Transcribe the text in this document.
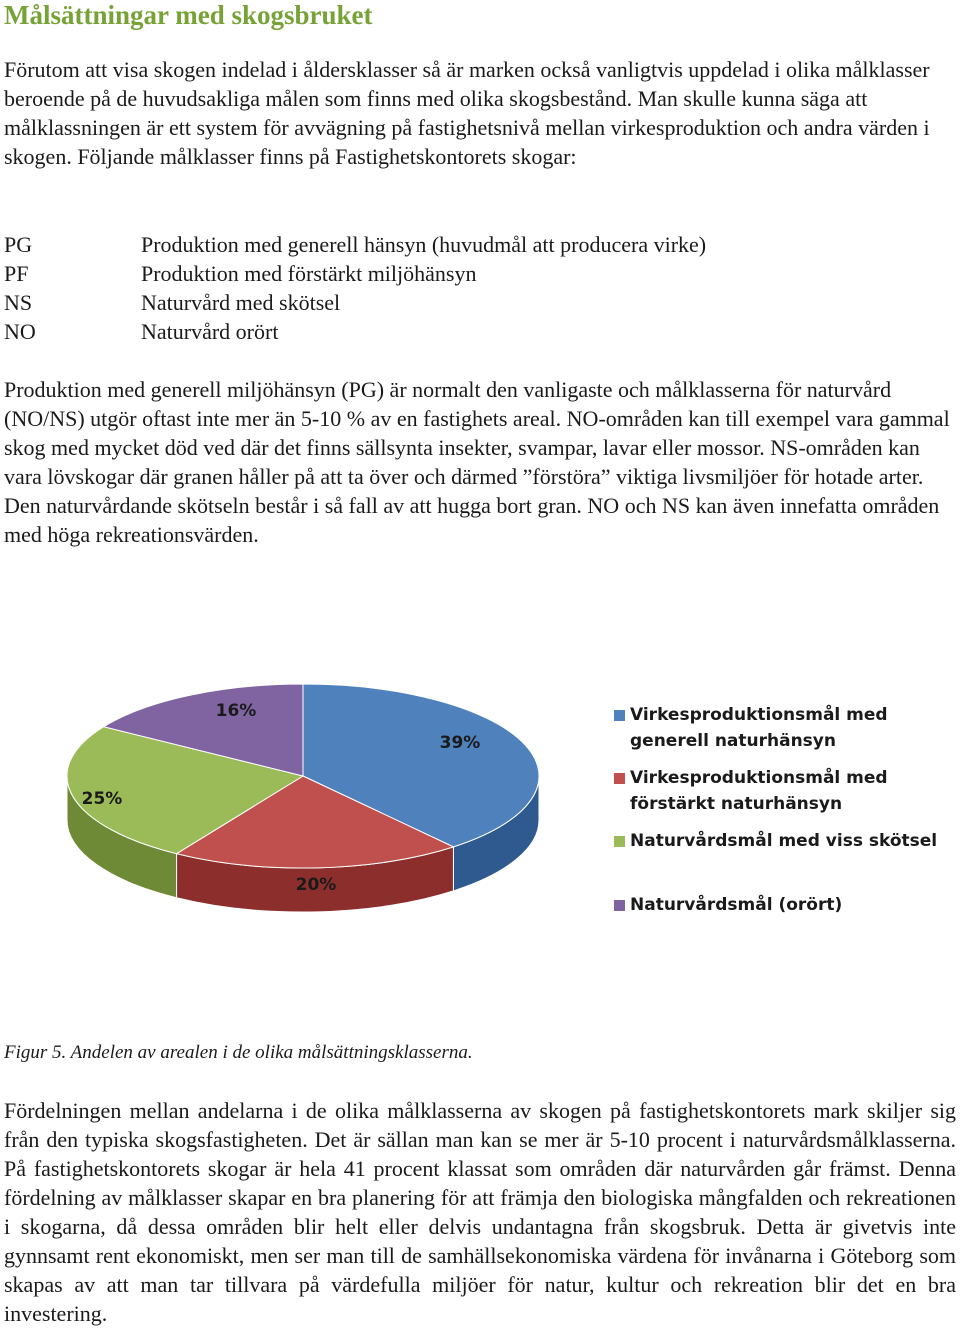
Målsättningar med skogsbruket

Förutom att visa skogen indelad i åldersklasser så är marken också vanligtvis uppdelad i olika målklasser beroende på de huvudsakliga målen som finns med olika skogsbestånd. Man skulle kunna säga att målklassningen är ett system för avvägning på fastighetsnivå mellan virkesproduktion och andra värden i skogen. Följande målklasser finns på Fastighetskontorets skogar:

PG	Produktion med generell hänsyn (huvudmål att producera virke)
PF	Produktion med förstärkt miljöhänsyn
NS	Naturvård med skötsel
NO	Naturvård orört

Produktion med generell miljöhänsyn (PG) är normalt den vanligaste och målklasserna för naturvård (NO/NS) utgör oftast inte mer än 5-10 % av en fastighets areal. NO-områden kan till exempel vara gammal skog med mycket död ved där det finns sällsynta insekter, svampar, lavar eller mossor. NS-områden kan vara lövskogar där granen håller på att ta över och därmed ”förstöra” viktiga livsmiljöer för hotade arter. Den naturvårdande skötseln består i så fall av att hugga bort gran. NO och NS kan även innefatta områden med höga rekreationsvärden.

39%
20%
25%
16%	Virkesproduktionsmål med
generell naturhänsyn
Virkesproduktionsmål med
förstärkt naturhänsyn
Naturvårdsmål med viss skötsel
Naturvårdsmål (orört)

Figur 5. Andelen av arealen i de olika målsättningsklasserna.

Fördelningen mellan andelarna i de olika målklasserna av skogen på fastighetskontorets mark skiljer sig från den typiska skogsfastigheten. Det är sällan man kan se mer är 5-10 procent i naturvårdsmålklasserna. På fastighetskontorets skogar är hela 41 procent klassat som områden där naturvården går främst. Denna fördelning av målklasser skapar en bra planering för att främja den biologiska mångfalden och rekreationen i skogarna, då dessa områden blir helt eller delvis undantagna från skogsbruk. Detta är givetvis inte gynnsamt rent ekonomiskt, men ser man till de samhällsekonomiska värdena för invånarna i Göteborg som skapas av att man tar tillvara på värdefulla miljöer för natur, kultur och rekreation blir det en bra investering.
